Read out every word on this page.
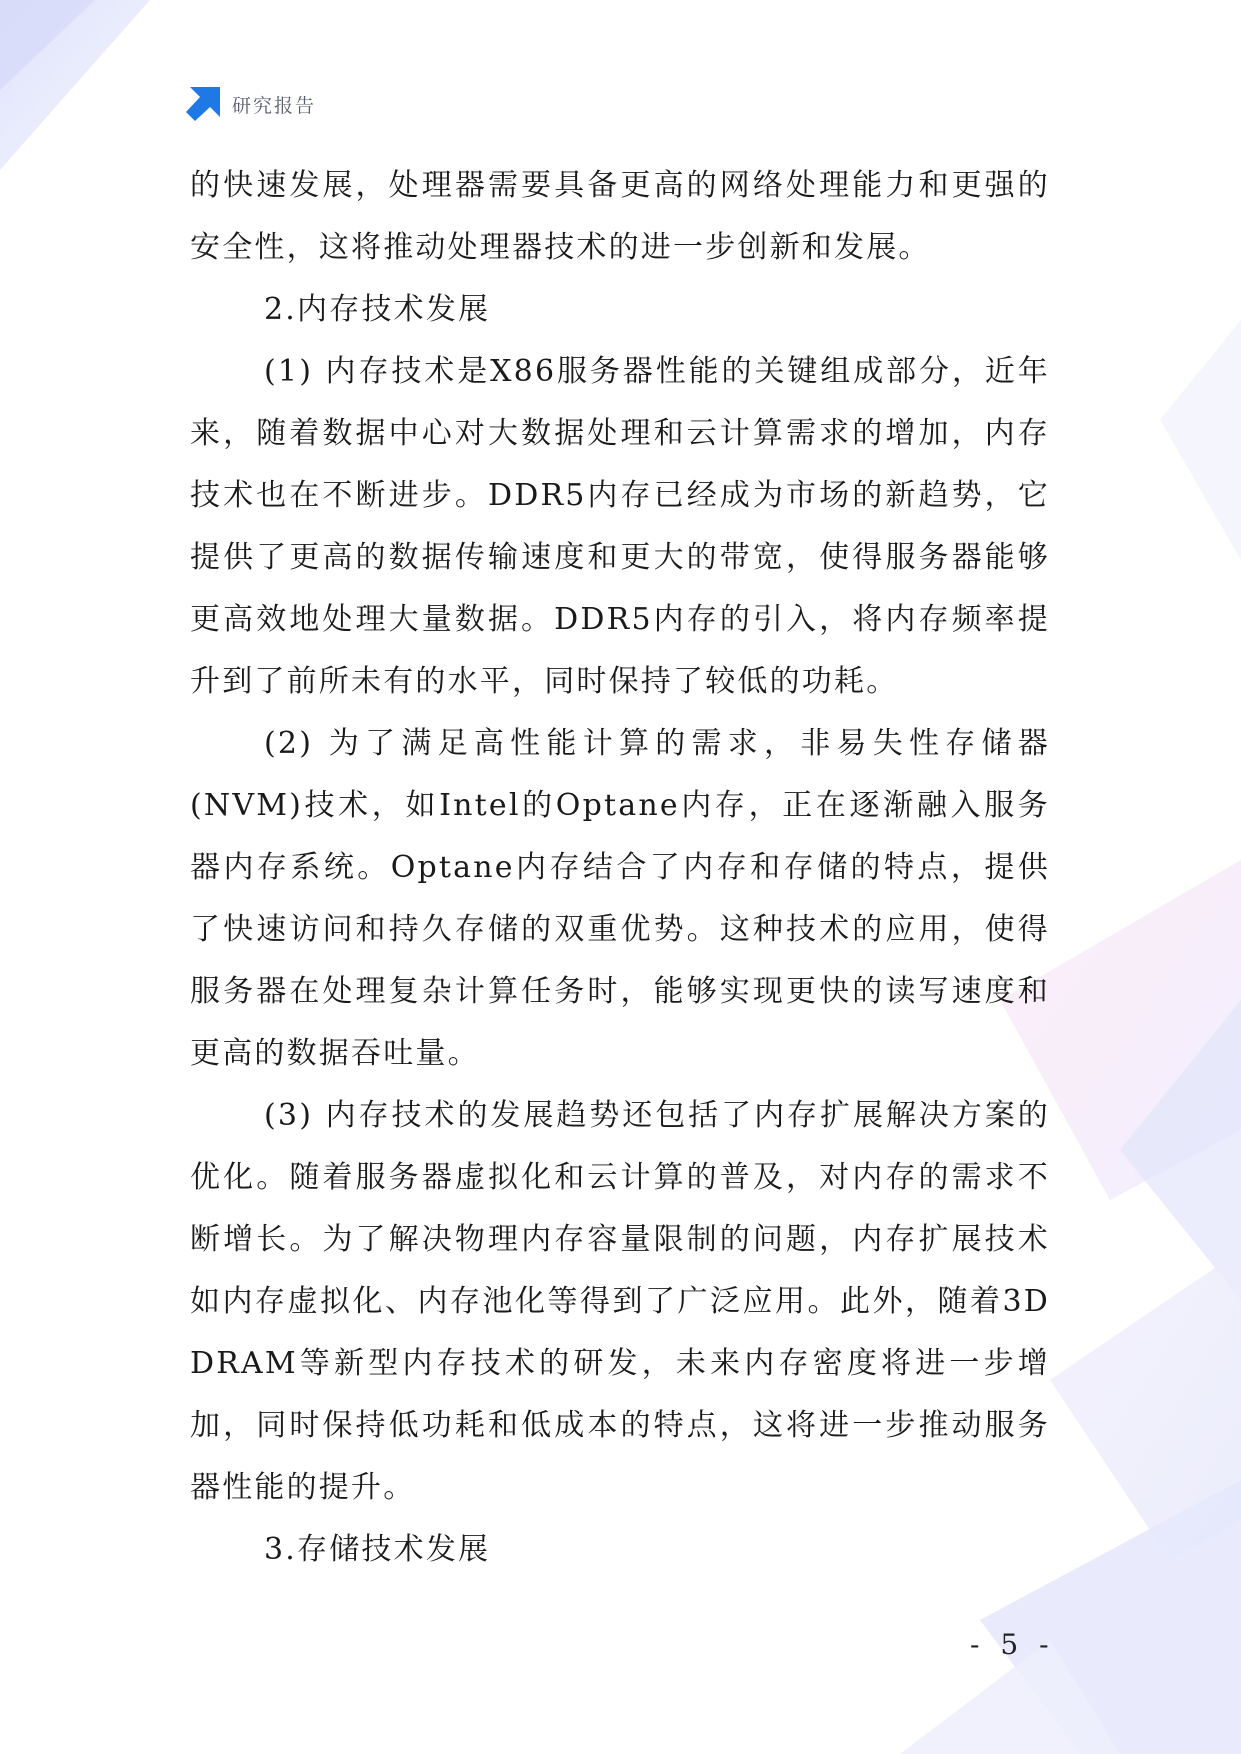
研究报告

的快速发展，处理器需要具备更高的网络处理能力和更强的安全性，这将推动处理器技术的进一步创新和发展。

2.内存技术发展

(1) 内存技术是X86服务器性能的关键组成部分，近年来，随着数据中心对大数据处理和云计算需求的增加，内存技术也在不断进步。DDR5内存已经成为市场的新趋势，它提供了更高的数据传输速度和更大的带宽，使得服务器能够更高效地处理大量数据。DDR5内存的引入，将内存频率提升到了前所未有的水平，同时保持了较低的功耗。

(2) 为了满足高性能计算的需求，非易失性存储器(NVM)技术，如Intel的Optane内存，正在逐渐融入服务器内存系统。Optane内存结合了内存和存储的特点，提供了快速访问和持久存储的双重优势。这种技术的应用，使得服务器在处理复杂计算任务时，能够实现更快的读写速度和更高的数据吞吐量。

(3) 内存技术的发展趋势还包括了内存扩展解决方案的优化。随着服务器虚拟化和云计算的普及，对内存的需求不断增长。为了解决物理内存容量限制的问题，内存扩展技术如内存虚拟化、内存池化等得到了广泛应用。此外，随着3D DRAM等新型内存技术的研发，未来内存密度将进一步增加，同时保持低功耗和低成本的特点，这将进一步推动服务器性能的提升。

3.存储技术发展

- 5 -
